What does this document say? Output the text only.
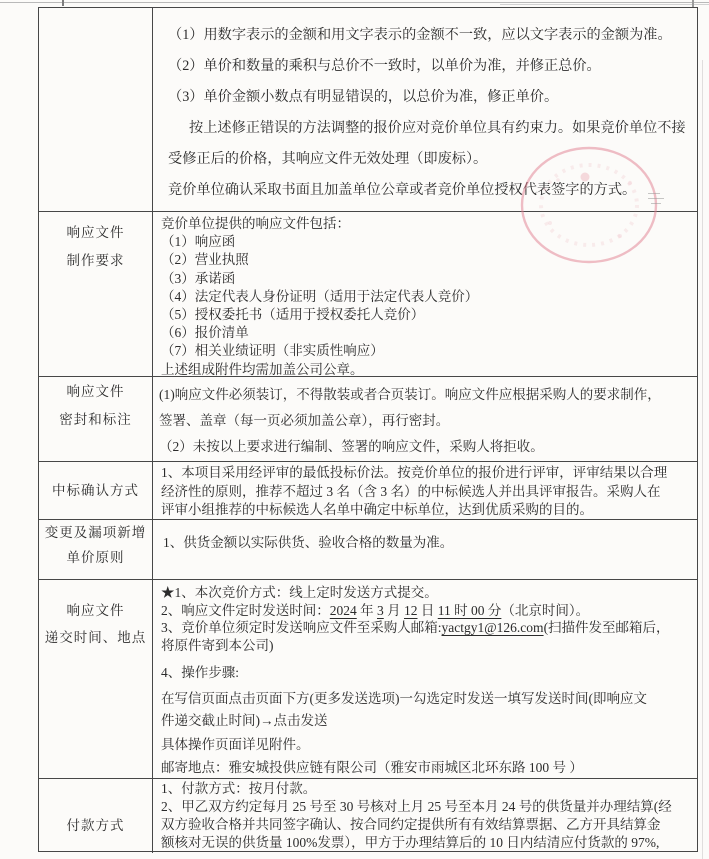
（1）用数字表示的金额和用文字表示的金额不一致，应以文字表示的金额为准。
（2）单价和数量的乘积与总价不一致时，以单价为准，并修正总价。
（3）单价金额小数点有明显错误的，以总价为准，修正单价。
按上述修正错误的方法调整的报价应对竞价单位具有约束力。如果竞价单位不接
受修正后的价格，其响应文件无效处理（即废标）。
竞价单位确认采取书面且加盖单位公章或者竞价单位授权代表签字的方式。
响应文件
制作要求
竞价单位提供的响应文件包括：
（1）响应函
（2）营业执照
（3）承诺函
（4）法定代表人身份证明（适用于法定代表人竞价）
（5）授权委托书（适用于授权委托人竞价）
（6）报价清单
（7）相关业绩证明（非实质性响应）
上述组成附件均需加盖公司公章。
响应文件
密封和标注
(1)响应文件必须装订，不得散装或者合页装订。响应文件应根据采购人的要求制作，
签署、盖章（每一页必须加盖公章），再行密封。
（2）未按以上要求进行编制、签署的响应文件，采购人将拒收。
中标确认方式
1、本项目采用经评审的最低投标价法。按竞价单位的报价进行评审，评审结果以合理
经济性的原则，推荐不超过 3 名（含 3 名）的中标候选人并出具评审报告。采购人在
评审小组推荐的中标候选人名单中确定中标单位，达到优质采购的目的。
变更及漏项新增
单价原则
1、供货金额以实际供货、验收合格的数量为准。
响应文件
递交时间、地点
★1、本次竞价方式：线上定时发送方式提交。
2、响应文件定时发送时间：2024 年 3 月 12 日 11 时 00 分（北京时间）。
3、竞价单位须定时发送响应文件至采购人邮箱:yactgy1@126.com(扫描件发至邮箱后，
将原件寄到本公司)
4、操作步骤:
在写信页面点击页面下方(更多发送选项)一勾选定时发送一填写发送时间(即响应文
件递交截止时间)→点击发送
具体操作页面详见附件。
邮寄地点：雅安城投供应链有限公司（雅安市雨城区北环东路 100 号 ）
付款方式
1、付款方式：按月付款。
2、甲乙双方约定每月 25 号至 30 号核对上月 25 号至本月 24 号的供货量并办理结算(经
双方验收合格并共同签字确认、按合同约定提供所有有效结算票据、乙方开具结算金
额核对无误的供货量 100%发票），甲方于办理结算后的 10 日内结清应付货款的 97%,
